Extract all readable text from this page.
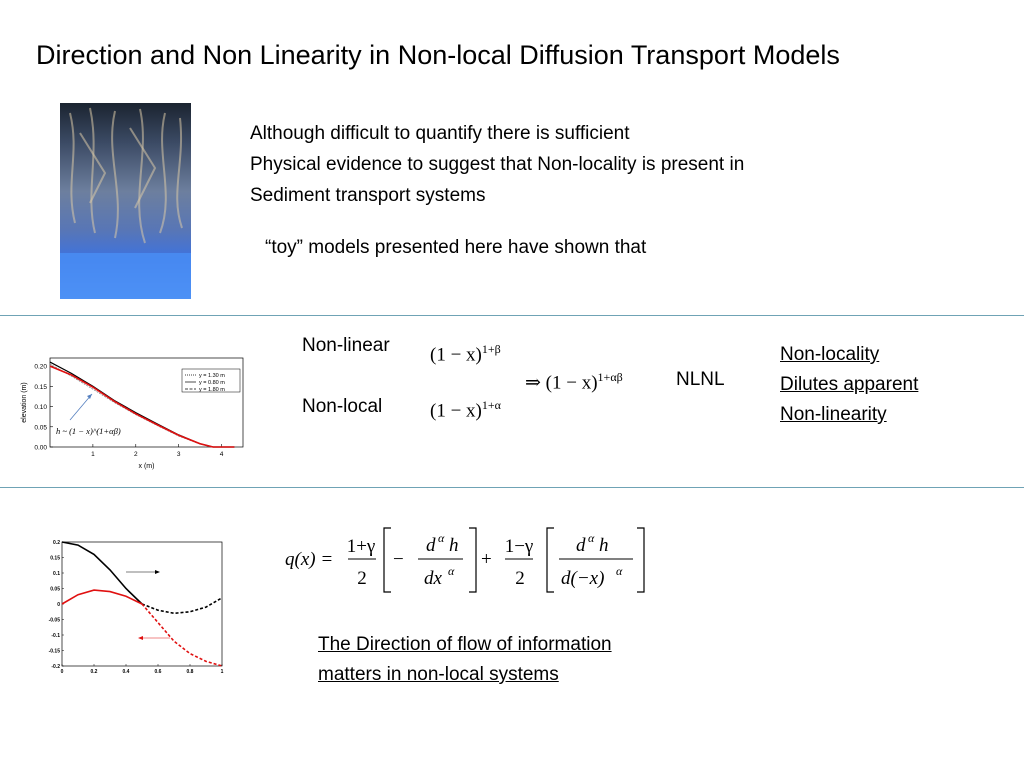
Direction and Non Linearity in Non-local Diffusion Transport Models
Although difficult to quantify there is sufficient
Physical evidence to suggest that Non-locality is present in
Sediment transport systems
“toy” models presented here have shown that
0.00
0.05
0.10
0.15
0.20
1	2	3	4
x (m)
elevation (m)
y = 1.30 m
y = 0.80 m
y = 1.80 m
h ~ (1 − x)^(1+αβ)
Non-linear
Non-local
$(1 - x)^{1+\beta}$
$(1 - x)^{1+\alpha}$
⇒ $(1 - x)^{1+\alpha\beta}$	NLNL
Non-locality
Dilutes apparent
Non-linearity
0.2
0.15
0.1
0.05
0
-0.05
-0.1
-0.15
-0.2
0	0.2	0.4	0.6	0.8	1
q(x) =
1+γ
2
−
d α h
dx α
+
1−γ
2
d α h
d(−x) α
The Direction of flow of information
matters in non-local systems
